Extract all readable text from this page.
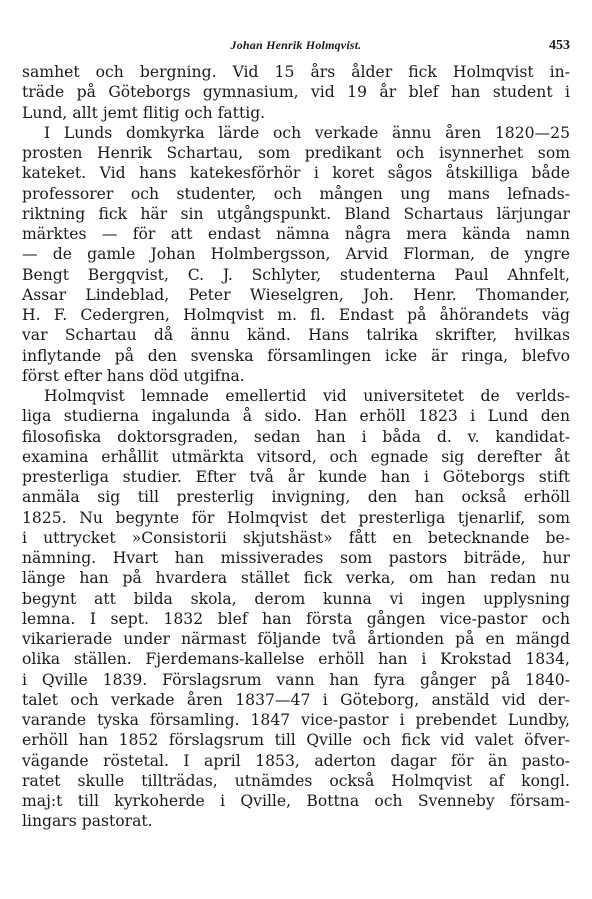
Johan Henrik Holmqvist.	453
samhet och bergning. Vid 15 års ålder fick Holmqvist in-
träde på Göteborgs gymnasium, vid 19 år blef han student i
Lund, allt jemt flitig och fattig.
I Lunds domkyrka lärde och verkade ännu åren 1820—25
prosten Henrik Schartau, som predikant och isynnerhet som
kateket. Vid hans katekesförhör i koret sågos åtskilliga både
professorer och studenter, och mången ung mans lefnads-
riktning fick här sin utgångspunkt. Bland Schartaus lärjungar
märktes — för att endast nämna några mera kända namn
— de gamle Johan Holmbergsson, Arvid Florman, de yngre
Bengt Bergqvist, C. J. Schlyter, studenterna Paul Ahnfelt,
Assar Lindeblad, Peter Wieselgren, Joh. Henr. Thomander,
H. F. Cedergren, Holmqvist m. fl. Endast på åhörandets väg
var Schartau då ännu känd. Hans talrika skrifter, hvilkas
inflytande på den svenska församlingen icke är ringa, blefvo
först efter hans död utgifna.
Holmqvist lemnade emellertid vid universitetet de verlds-
liga studierna ingalunda å sido. Han erhöll 1823 i Lund den
filosofiska doktorsgraden, sedan han i båda d. v. kandidat-
examina erhållit utmärkta vitsord, och egnade sig derefter åt
presterliga studier. Efter två år kunde han i Göteborgs stift
anmäla sig till presterlig invigning, den han också erhöll
1825. Nu begynte för Holmqvist det presterliga tjenarlif, som
i uttrycket »Consistorii skjutshäst» fått en betecknande be-
nämning. Hvart han missiverades som pastors biträde, hur
länge han på hvardera stället fick verka, om han redan nu
begynt att bilda skola, derom kunna vi ingen upplysning
lemna. I sept. 1832 blef han första gången vice-pastor och
vikarierade under närmast följande två årtionden på en mängd
olika ställen. Fjerdemans-kallelse erhöll han i Krokstad 1834,
i Qville 1839. Förslagsrum vann han fyra gånger på 1840-
talet och verkade åren 1837—47 i Göteborg, anstäld vid der-
varande tyska församling. 1847 vice-pastor i prebendet Lundby,
erhöll han 1852 förslagsrum till Qville och fick vid valet öfver-
vägande röstetal. I april 1853, aderton dagar för än pasto-
ratet skulle tillträdas, utnämdes också Holmqvist af kongl.
maj:t till kyrkoherde i Qville, Bottna och Svenneby försam-
lingars pastorat.
